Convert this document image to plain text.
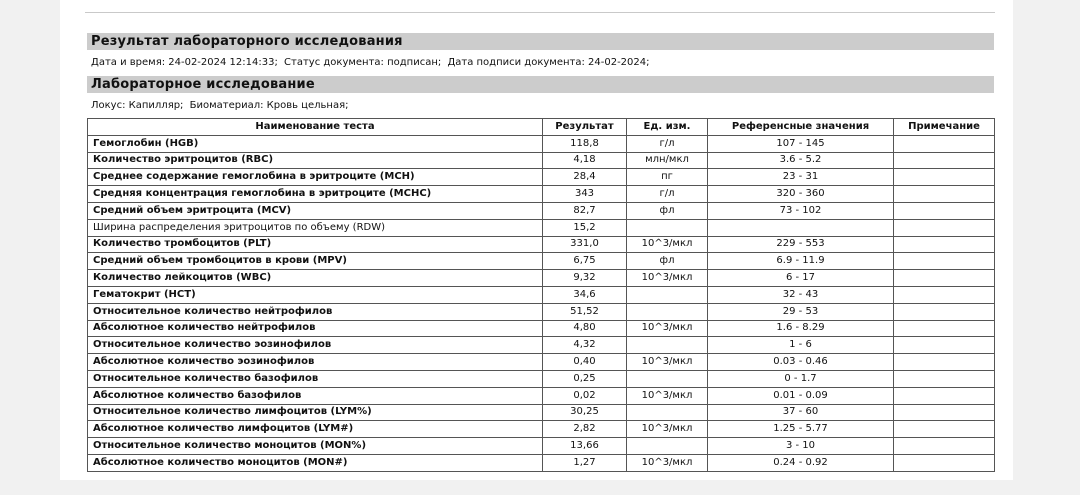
Результат лабораторного исследования
Дата и время: 24-02-2024 12:14:33; Статус документа: подписан; Дата подписи документа: 24-02-2024;
Лабораторное исследование
Локус: Капилляр; Биоматериал: Кровь цельная;
Наименование теста	Результат	Ед. изм.	Референсные значения	Примечание
Гемоглобин (HGB)	118,8	г/л	107 - 145	
Количество эритроцитов (RBC)	4,18	млн/мкл	3.6 - 5.2	
Среднее содержание гемоглобина в эритроците (MCH)	28,4	пг	23 - 31	
Средняя концентрация гемоглобина в эритроците (MCHC)	343	г/л	320 - 360	
Средний объем эритроцита (MCV)	82,7	фл	73 - 102	
Ширина распределения эритроцитов по объему (RDW)	15,2			
Количество тромбоцитов (PLT)	331,0	10^3/мкл	229 - 553	
Средний объем тромбоцитов в крови (MPV)	6,75	фл	6.9 - 11.9	
Количество лейкоцитов (WBC)	9,32	10^3/мкл	6 - 17	
Гематокрит (HCT)	34,6		32 - 43	
Относительное количество нейтрофилов	51,52		29 - 53	
Абсолютное количество нейтрофилов	4,80	10^3/мкл	1.6 - 8.29	
Относительное количество эозинофилов	4,32		1 - 6	
Абсолютное количество эозинофилов	0,40	10^3/мкл	0.03 - 0.46	
Относительное количество базофилов	0,25		0 - 1.7	
Абсолютное количество базофилов	0,02	10^3/мкл	0.01 - 0.09	
Относительное количество лимфоцитов (LYM%)	30,25		37 - 60	
Абсолютное количество лимфоцитов (LYM#)	2,82	10^3/мкл	1.25 - 5.77	
Относительное количество моноцитов (MON%)	13,66		3 - 10	
Абсолютное количество моноцитов (MON#)	1,27	10^3/мкл	0.24 - 0.92	
